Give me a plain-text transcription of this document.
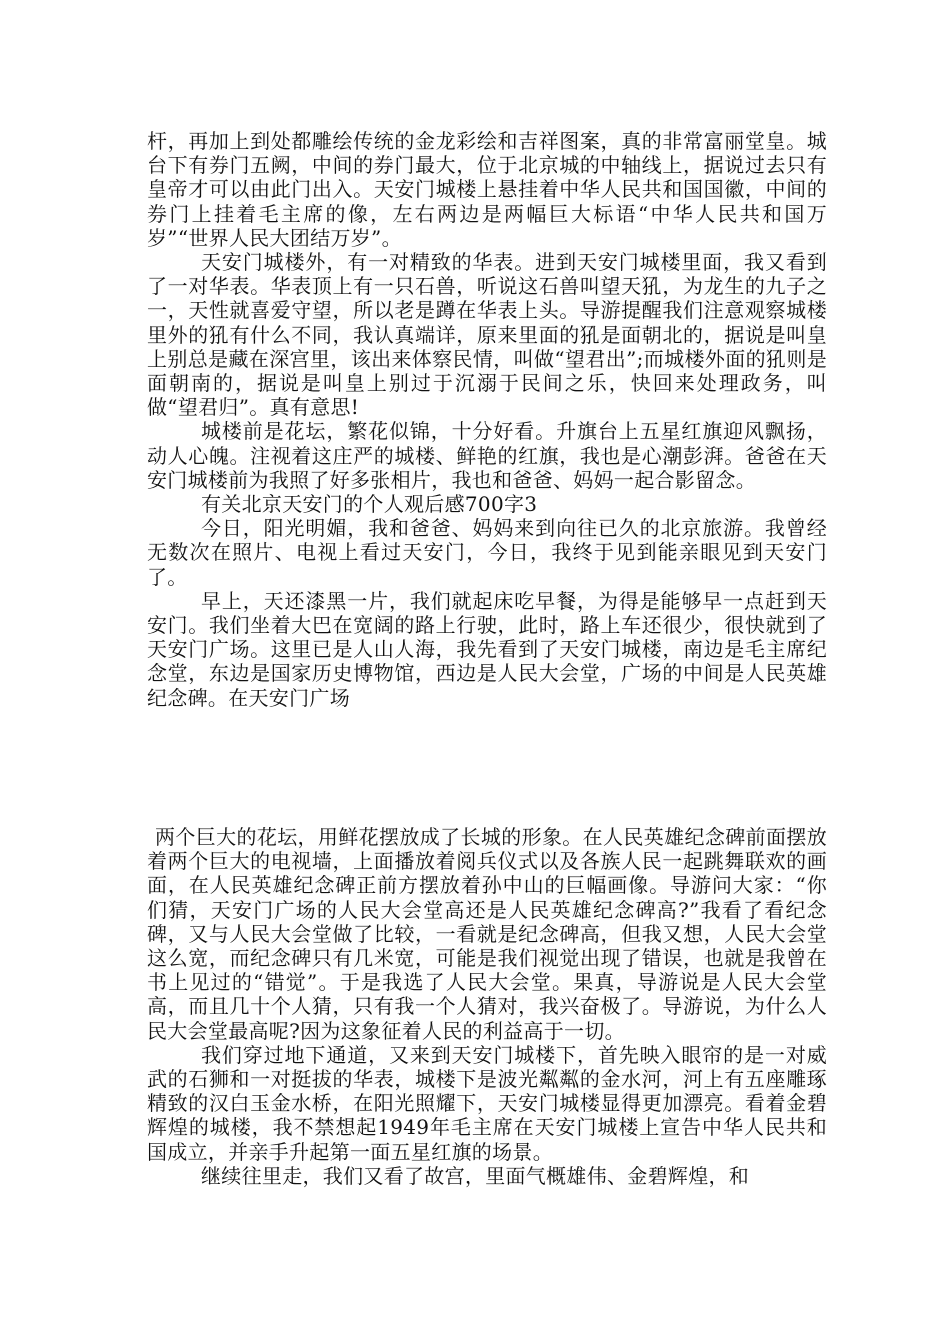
杆，再加上到处都雕绘传统的金龙彩绘和吉祥图案，真的非常富丽堂皇。城台下有券门五阙，中间的券门最大，位于北京城的中轴线上，据说过去只有皇帝才可以由此门出入。天安门城楼上悬挂着中华人民共和国国徽，中间的券门上挂着毛主席的像，左右两边是两幅巨大标语“中华人民共和国万岁”“世界人民大团结万岁”。

天安门城楼外，有一对精致的华表。进到天安门城楼里面，我又看到了一对华表。华表顶上有一只石兽，听说这石兽叫望天犼，为龙生的九子之一，天性就喜爱守望，所以老是蹲在华表上头。导游提醒我们注意观察城楼里外的犼有什么不同，我认真端详，原来里面的犼是面朝北的，据说是叫皇上别总是藏在深宫里，该出来体察民情，叫做“望君出”;而城楼外面的犼则是面朝南的，据说是叫皇上别过于沉溺于民间之乐，快回来处理政务，叫做“望君归”。真有意思!

城楼前是花坛，繁花似锦，十分好看。升旗台上五星红旗迎风飘扬，动人心魄。注视着这庄严的城楼、鲜艳的红旗，我也是心潮彭湃。爸爸在天安门城楼前为我照了好多张相片，我也和爸爸、妈妈一起合影留念。

有关北京天安门的个人观后感700字3

今日，阳光明媚，我和爸爸、妈妈来到向往已久的北京旅游。我曾经无数次在照片、电视上看过天安门，今日，我终于见到能亲眼见到天安门了。

早上，天还漆黑一片，我们就起床吃早餐，为得是能够早一点赶到天安门。我们坐着大巴在宽阔的路上行驶，此时，路上车还很少，很快就到了天安门广场。这里已是人山人海，我先看到了天安门城楼，南边是毛主席纪念堂，东边是国家历史博物馆，西边是人民大会堂，广场的中间是人民英雄纪念碑。在天安门广场

两个巨大的花坛，用鲜花摆放成了长城的形象。在人民英雄纪念碑前面摆放着两个巨大的电视墙，上面播放着阅兵仪式以及各族人民一起跳舞联欢的画面，在人民英雄纪念碑正前方摆放着孙中山的巨幅画像。导游问大家：“你们猜，天安门广场的人民大会堂高还是人民英雄纪念碑高?”我看了看纪念碑，又与人民大会堂做了比较，一看就是纪念碑高，但我又想，人民大会堂这么宽，而纪念碑只有几米宽，可能是我们视觉出现了错误，也就是我曾在书上见过的“错觉”。于是我选了人民大会堂。果真，导游说是人民大会堂高，而且几十个人猜，只有我一个人猜对，我兴奋极了。导游说，为什么人民大会堂最高呢?因为这象征着人民的利益高于一切。

我们穿过地下通道，又来到天安门城楼下，首先映入眼帘的是一对威武的石狮和一对挺拔的华表，城楼下是波光粼粼的金水河，河上有五座雕琢精致的汉白玉金水桥，在阳光照耀下，天安门城楼显得更加漂亮。看着金碧辉煌的城楼，我不禁想起1949年毛主席在天安门城楼上宣告中华人民共和国成立，并亲手升起第一面五星红旗的场景。

继续往里走，我们又看了故宫，里面气概雄伟、金碧辉煌，和
